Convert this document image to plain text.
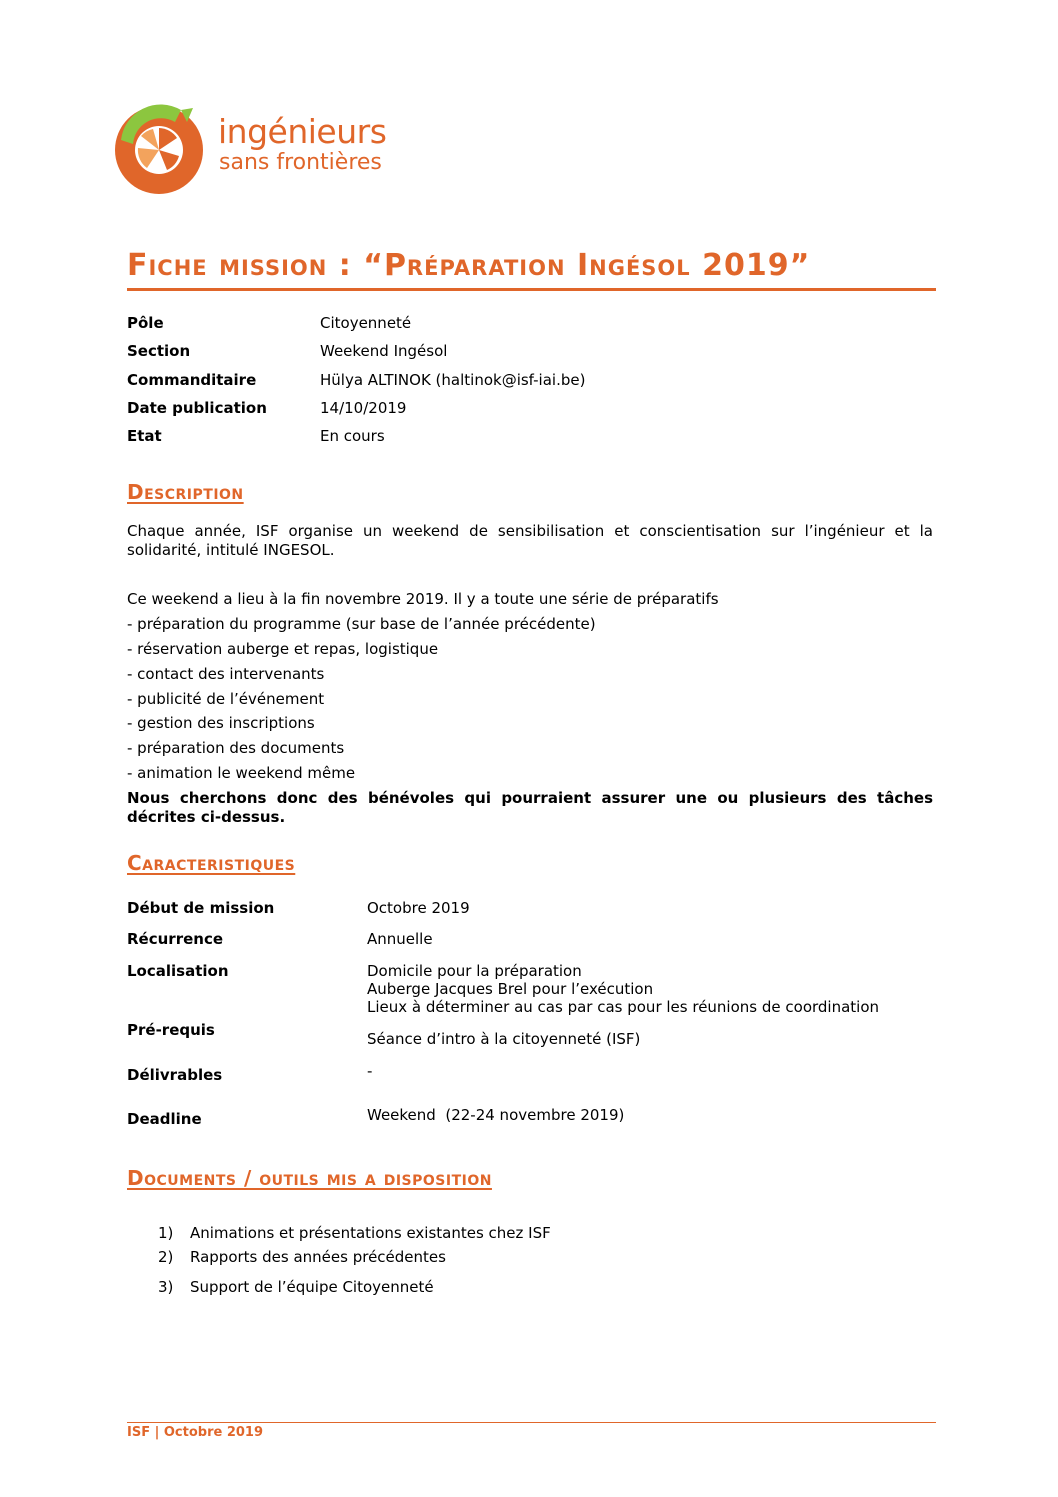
ingénieurs
sans frontières
Fiche mission : “Préparation Ingésol 2019”
Pôle	Citoyenneté
Section	Weekend Ingésol
Commanditaire	Hülya ALTINOK (haltinok@isf-iai.be)
Date publication	14/10/2019
Etat	En cours
Description
Chaque année, ISF organise un weekend de sensibilisation et conscientisation sur l’ingénieur et la solidarité, intitulé INGESOL.
Ce weekend a lieu à la fin novembre 2019. Il y a toute une série de préparatifs
- préparation du programme (sur base de l’année précédente)
- réservation auberge et repas, logistique
- contact des intervenants
- publicité de l’événement
- gestion des inscriptions
- préparation des documents
- animation le weekend même
Nous cherchons donc des bénévoles qui pourraient assurer une ou plusieurs des tâches décrites ci-dessus.
Caracteristiques
Début de mission	Octobre 2019
Récurrence	Annuelle
Localisation	Domicile pour la préparation
Auberge Jacques Brel pour l’exécution
Lieux à déterminer au cas par cas pour les réunions de coordination
Pré-requis	Séance d’intro à la citoyenneté (ISF)
Délivrables	-
Deadline	Weekend  (22-24 novembre 2019)
Documents / outils mis a disposition
1) Animations et présentations existantes chez ISF
2) Rapports des années précédentes
3) Support de l’équipe Citoyenneté
ISF | Octobre 2019
